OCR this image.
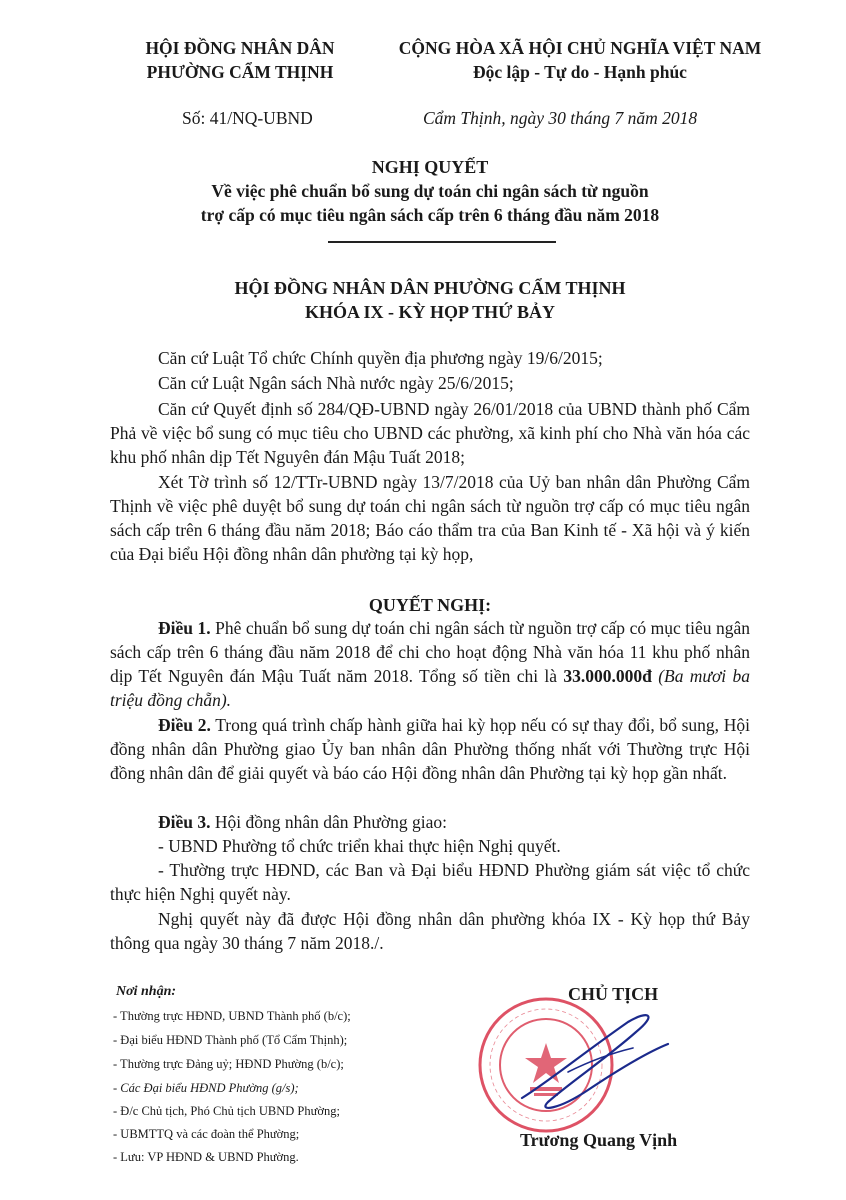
HỘI ĐỒNG NHÂN DÂN
PHƯỜNG CẨM THỊNH
CỘNG HÒA XÃ HỘI CHỦ NGHĨA VIỆT NAM
Độc lập - Tự do - Hạnh phúc
Số: 41/NQ-UBND	Cẩm Thịnh, ngày 30 tháng 7 năm 2018
NGHỊ QUYẾT
Về việc phê chuẩn bổ sung dự toán chi ngân sách từ nguồn
trợ cấp có mục tiêu ngân sách cấp trên 6 tháng đầu năm 2018
HỘI ĐỒNG NHÂN DÂN PHƯỜNG CẨM THỊNH
KHÓA IX - KỲ HỌP THỨ BẢY
Căn cứ Luật Tổ chức Chính quyền địa phương ngày 19/6/2015;
Căn cứ Luật Ngân sách Nhà nước ngày 25/6/2015;
Căn cứ Quyết định số 284/QĐ-UBND ngày 26/01/2018 của UBND thành phố Cẩm Phả về việc bổ sung có mục tiêu cho UBND các phường, xã kinh phí cho Nhà văn hóa các khu phố nhân dịp Tết Nguyên đán Mậu Tuất 2018;
Xét Tờ trình số 12/TTr-UBND ngày 13/7/2018 của Uỷ ban nhân dân Phường Cẩm Thịnh về việc phê duyệt bổ sung dự toán chi ngân sách từ nguồn trợ cấp có mục tiêu ngân sách cấp trên 6 tháng đầu năm 2018; Báo cáo thẩm tra của Ban Kinh tế - Xã hội và ý kiến của Đại biểu Hội đồng nhân dân phường tại kỳ họp,
QUYẾT NGHỊ:
Điều 1. Phê chuẩn bổ sung dự toán chi ngân sách từ nguồn trợ cấp có mục tiêu ngân sách cấp trên 6 tháng đầu năm 2018 để chi cho hoạt động Nhà văn hóa 11 khu phố nhân dịp Tết Nguyên đán Mậu Tuất năm 2018. Tổng số tiền chi là 33.000.000đ (Ba mươi ba triệu đồng chẵn).
Điều 2. Trong quá trình chấp hành giữa hai kỳ họp nếu có sự thay đổi, bổ sung, Hội đồng nhân dân Phường giao Ủy ban nhân dân Phường thống nhất với Thường trực Hội đồng nhân dân để giải quyết và báo cáo Hội đồng nhân dân Phường tại kỳ họp gần nhất.
Điều 3. Hội đồng nhân dân Phường giao:
- UBND Phường tổ chức triển khai thực hiện Nghị quyết.
- Thường trực HĐND, các Ban và Đại biểu HĐND Phường giám sát việc tổ chức thực hiện Nghị quyết này.
Nghị quyết này đã được Hội đồng nhân dân phường khóa IX - Kỳ họp thứ Bảy thông qua ngày 30 tháng 7 năm 2018./.
Nơi nhận:
- Thường trực HĐND, UBND Thành phố (b/c);
- Đại biểu HĐND Thành phố (Tổ Cẩm Thịnh);
- Thường trực Đảng uỷ; HĐND Phường (b/c);
- Các Đại biểu HĐND Phường (g/s);
- Đ/c Chủ tịch, Phó Chủ tịch UBND Phường;
- UBMTTQ và các đoàn thể Phường;
- Lưu: VP HĐND & UBND Phường.
CHỦ TỊCH
Trương Quang Vịnh
